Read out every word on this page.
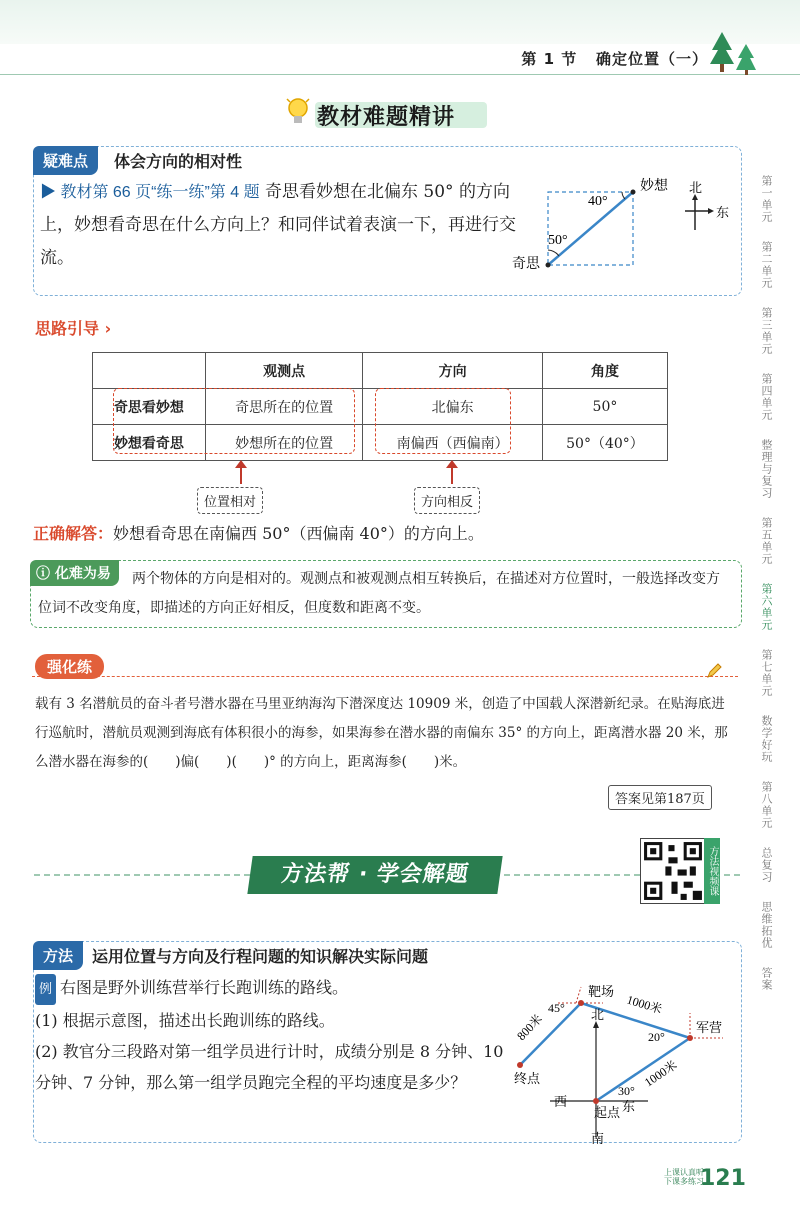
第 1 节 确定位置（一）
教材难题精讲
疑难点	体会方向的相对性
▶ 教材第 66 页“练一练”第 4 题 奇思看妙想在北偏东 50° 的方向上，妙想看奇思在什么方向上？和同伴试着表演一下，再进行交流。
40°
50°
妙想
奇思
北
东	第一单元
第二单元
第三单元
第四单元
整理与复习
第五单元
第六单元
第七单元
数学好玩
第八单元
总复习
思维拓优
答案
思路引导 ›
	观测点	方向	角度
奇思看妙想	奇思所在的位置	北偏东	50°
妙想看奇思	妙想所在的位置	南偏西（西偏南）	50°（40°）
位置相对	方向相反
正确解答：妙想看奇思在南偏西 50°（西偏南 40°）的方向上。
ⓘ 化难为易	两个物体的方向是相对的。观测点和被观测点相互转换后，在描述对方位置时，一般选择改变方位词不改变角度，即描述的方向正好相反，但度数和距离不变。
强化练
载有 3 名潜航员的奋斗者号潜水器在马里亚纳海沟下潜深度达 10909 米，创造了中国载人深潜新纪录。在贴海底进行巡航时，潜航员观测到海底有体积很小的海参，如果海参在潜水器的南偏东 35° 的方向上，距离潜水器 20 米，那么潜水器在海参的(　　)偏(　　)(　　)° 的方向上，距离海参(　　)米。
答案见第187页
方法帮 · 学会解题	方法视频课
方法	运用位置与方向及行程问题的知识解决实际问题
例 右图是野外训练营举行长跑训练的路线。
(1) 根据示意图，描述出长跑训练的路线。
(2) 教官分三段路对第一组学员进行计时，成绩分别是 8 分钟、10 分钟、7 分钟，那么第一组学员跑完全程的平均速度是多少？
靶场
军营
终点
起点
北
南
西	东
1000米
1000米
800米
45°
20°
30°
上课认真听 下课多练习
121
